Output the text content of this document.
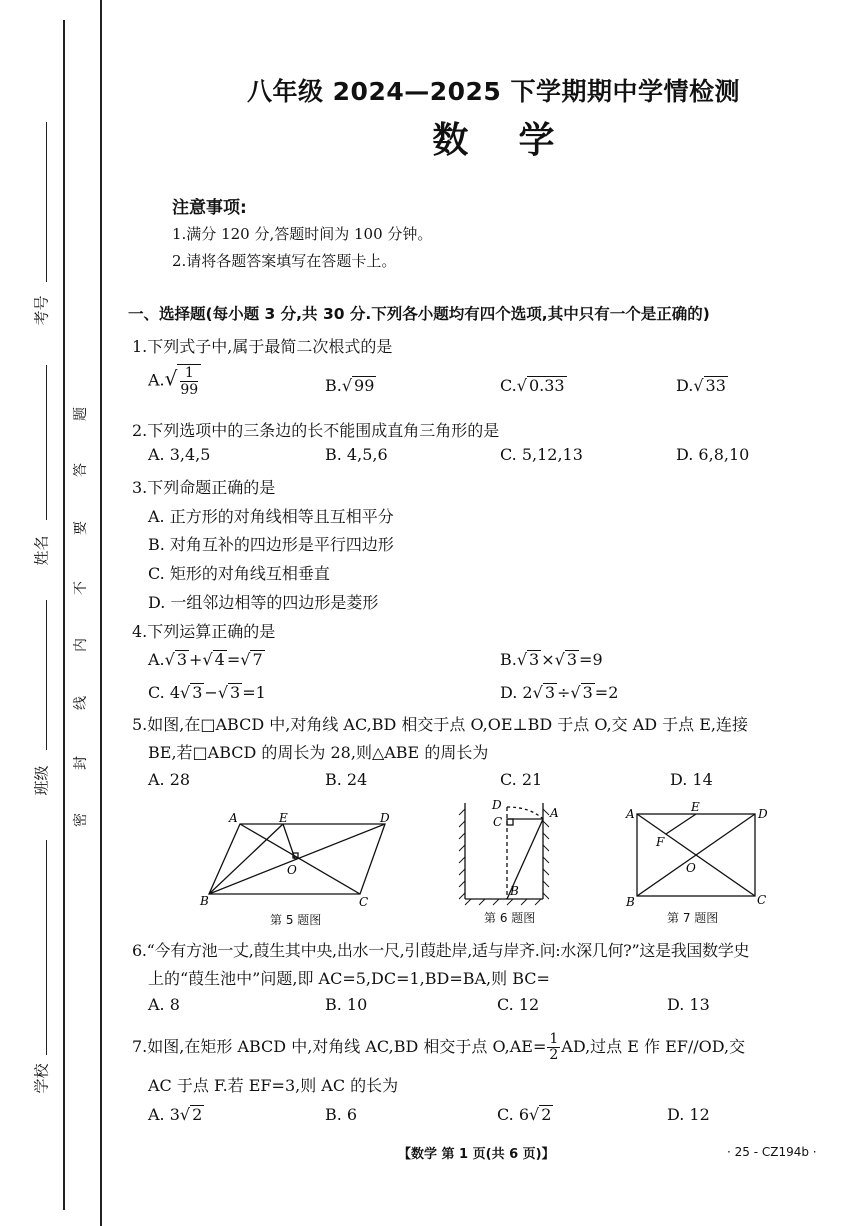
考号
姓名
班级
学校
题
答
要
不
内
线
封
密
八年级 2024—2025 下学期期中学情检测
数    学
注意事项:
1.满分 120 分,答题时间为 100 分钟。
2.请将各题答案填写在答题卡上。
一、选择题(每小题 3 分,共 30 分.下列各小题均有四个选项,其中只有一个是正确的)
1.下列式子中,属于最简二次根式的是
$A.√ \frac{1}{99}$	B.√ 99	C.√ 0.33	D.√ 33
2.下列选项中的三条边的长不能围成直角三角形的是
A. 3,4,5	B. 4,5,6	C. 5,12,13	D. 6,8,10
3.下列命题正确的是
A. 正方形的对角线相等且互相平分
B. 对角互补的四边形是平行四边形
C. 矩形的对角线互相垂直
D. 一组邻边相等的四边形是菱形
4.下列运算正确的是
A.√ 3 +√ 4 =√ 7	B.√ 3 ×√ 3 =9
C. 4√ 3 −√ 3 =1	D. 2√ 3 ÷√ 3 =2
5.如图,在□ABCD 中,对角线 AC,BD 相交于点 O,OE⊥BD 于点 O,交 AD 于点 E,连接
BE,若□ABCD 的周长为 28,则△ABE 的周长为
A. 28	B. 24	C. 21	D. 14
A	E	D
O
B	C
第 5 题图
D
C
A
B
第 6 题图
A	E	D
F
O
B	C
第 7 题图
6.“今有方池一丈,葭生其中央,出水一尺,引葭赴岸,适与岸齐.问:水深几何?”这是我国数学史
上的“葭生池中”问题,即 AC=5,DC=1,BD=BA,则 BC=
A. 8	B. 10	C. 12	D. 13
7.如图,在矩形 ABCD 中,对角线 AC,BD 相交于点 $O,AE= \frac{1}{2}$ AD,过点 E 作 EF//OD,交
AC 于点 F.若 EF=3,则 AC 的长为
A. 3√ 2	B. 6	C. 6√ 2	D. 12
【数学 第 1 页(共 6 页)】	· 25 - CZ194b ·
